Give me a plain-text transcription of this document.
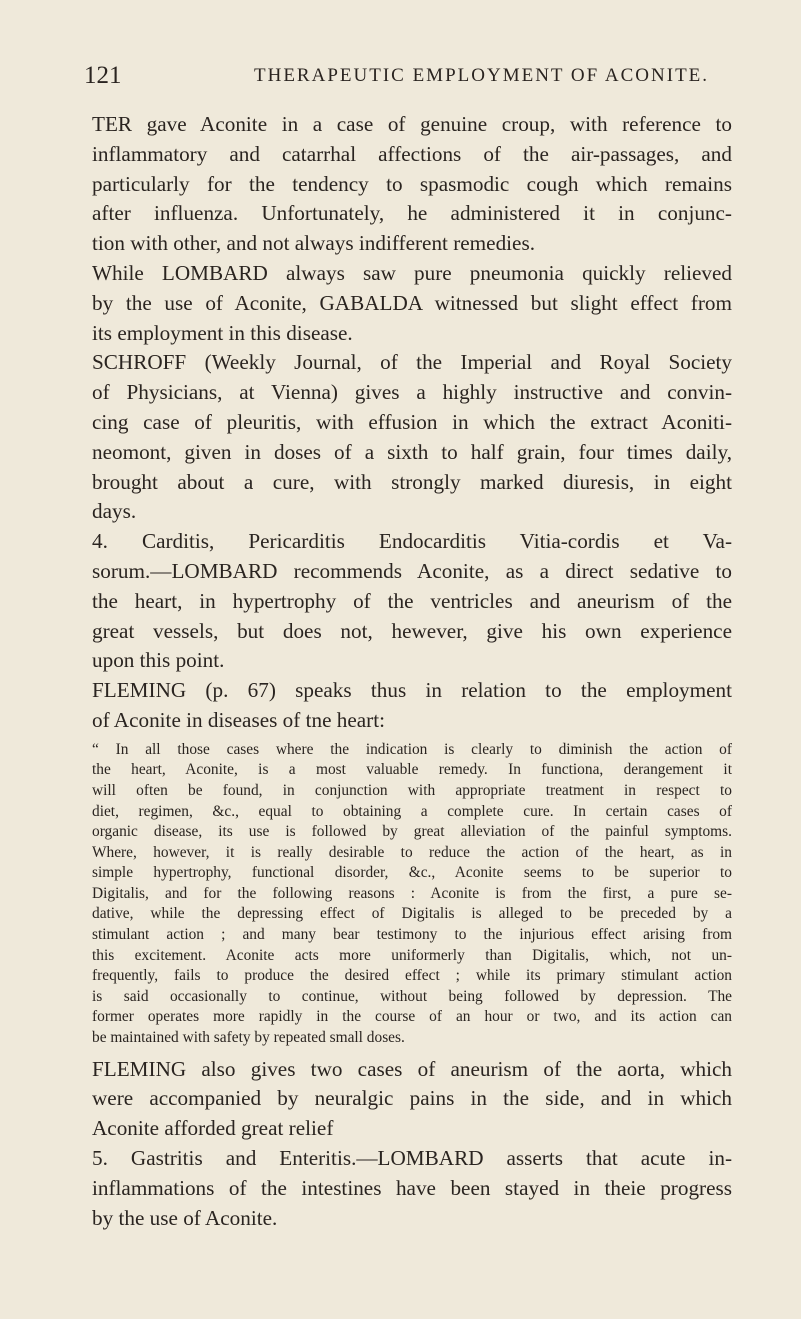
121	THERAPEUTIC EMPLOYMENT OF ACONITE.
TER gave Aconite in a case of genuine croup, with reference to
inflammatory and catarrhal affections of the air-passages, and
particularly for the tendency to spasmodic cough which remains
after influenza. Unfortunately, he administered it in conjunc-
tion with other, and not always indifferent remedies.
While LOMBARD always saw pure pneumonia quickly relieved
by the use of Aconite, GABALDA witnessed but slight effect from
its employment in this disease.
SCHROFF (Weekly Journal, of the Imperial and Royal Society
of Physicians, at Vienna) gives a highly instructive and convin-
cing case of pleuritis, with effusion in which the extract Aconiti-
neomont, given in doses of a sixth to half grain, four times daily,
brought about a cure, with strongly marked diuresis, in eight
days.
4. Carditis, Pericarditis Endocarditis Vitia-cordis et Va-
sorum.—LOMBARD recommends Aconite, as a direct sedative to
the heart, in hypertrophy of the ventricles and aneurism of the
great vessels, but does not, hewever, give his own experience
upon this point.
FLEMING (p. 67) speaks thus in relation to the employment
of Aconite in diseases of tne heart:
“ In all those cases where the indication is clearly to diminish the action of
the heart, Aconite, is a most valuable remedy. In functiona, derangement it
will often be found, in conjunction with appropriate treatment in respect to
diet, regimen, &c., equal to obtaining a complete cure. In certain cases of
organic disease, its use is followed by great alleviation of the painful symptoms.
Where, however, it is really desirable to reduce the action of the heart, as in
simple hypertrophy, functional disorder, &c., Aconite seems to be superior to
Digitalis, and for the following reasons : Aconite is from the first, a pure se-
dative, while the depressing effect of Digitalis is alleged to be preceded by a
stimulant action ; and many bear testimony to the injurious effect arising from
this excitement. Aconite acts more uniformerly than Digitalis, which, not un-
frequently, fails to produce the desired effect ; while its primary stimulant action
is said occasionally to continue, without being followed by depression. The
former operates more rapidly in the course of an hour or two, and its action can
be maintained with safety by repeated small doses.
FLEMING also gives two cases of aneurism of the aorta, which
were accompanied by neuralgic pains in the side, and in which
Aconite afforded great relief
5. Gastritis and Enteritis.—LOMBARD asserts that acute in-
inflammations of the intestines have been stayed in theie progress
by the use of Aconite.
